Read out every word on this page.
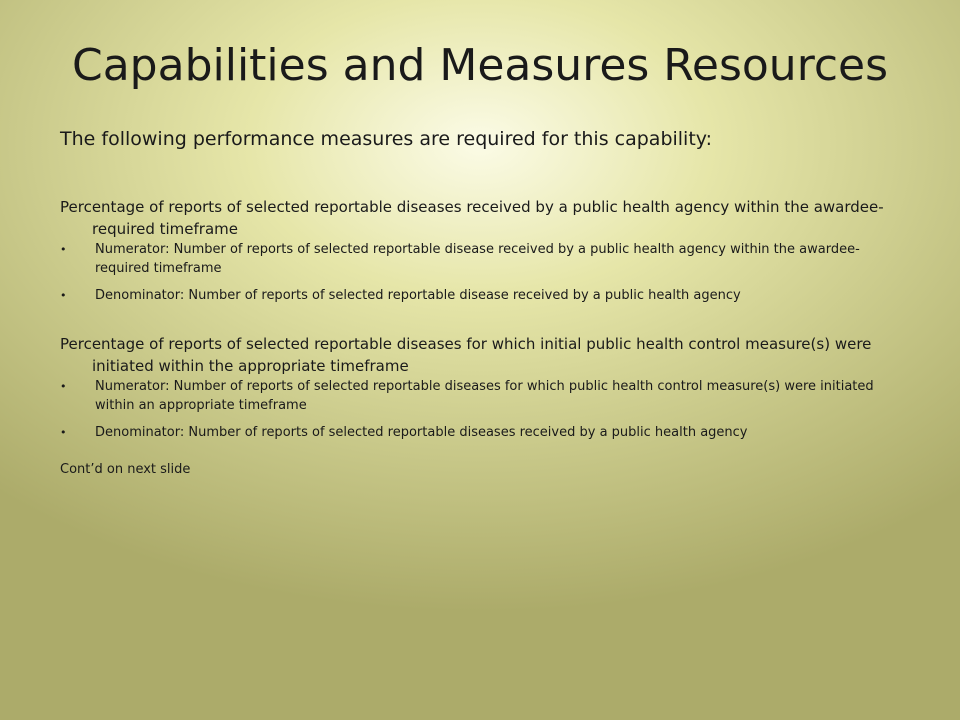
Capabilities and Measures Resources
The following performance measures are required for this capability:

Percentage of reports of selected reportable diseases received by a public health agency within the awardee-required timeframe

• Numerator: Number of reports of selected reportable disease received by a public health agency within the awardee-required timeframe
• Denominator: Number of reports of selected reportable disease received by a public health agency

Percentage of reports of selected reportable diseases for which initial public health control measure(s) were initiated within the appropriate timeframe

• Numerator: Number of reports of selected reportable diseases for which public health control measure(s) were initiated within an appropriate timeframe
• Denominator: Number of reports of selected reportable diseases received by a public health agency
Cont’d on next slide
